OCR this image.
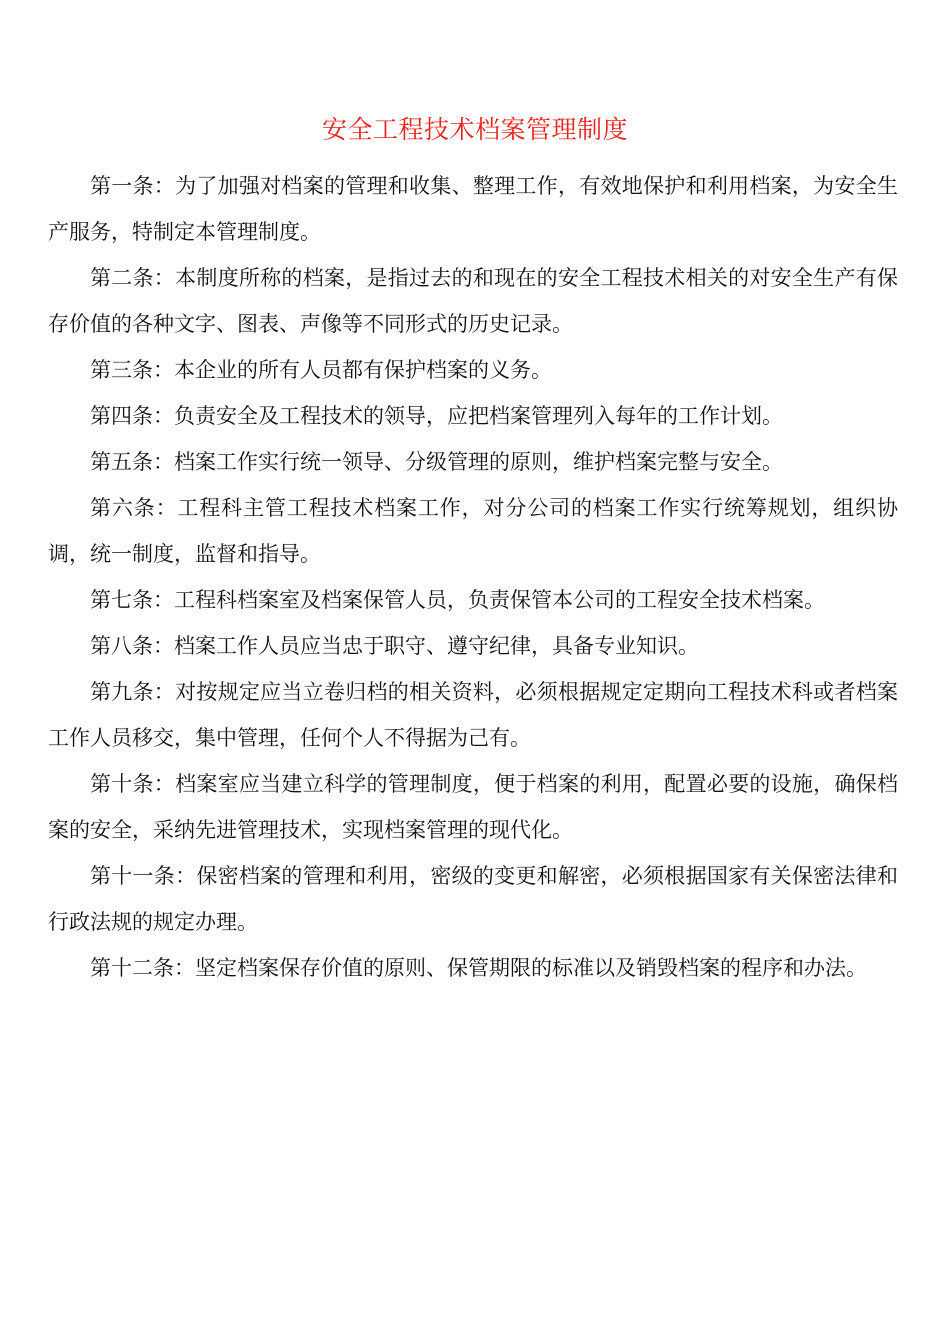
安全工程技术档案管理制度

第一条：为了加强对档案的管理和收集、整理工作，有效地保护和利用档案，为安全生产服务，特制定本管理制度。

第二条：本制度所称的档案，是指过去的和现在的安全工程技术相关的对安全生产有保存价值的各种文字、图表、声像等不同形式的历史记录。

第三条：本企业的所有人员都有保护档案的义务。

第四条：负责安全及工程技术的领导，应把档案管理列入每年的工作计划。

第五条：档案工作实行统一领导、分级管理的原则，维护档案完整与安全。

第六条：工程科主管工程技术档案工作，对分公司的档案工作实行统筹规划，组织协调，统一制度，监督和指导。

第七条：工程科档案室及档案保管人员，负责保管本公司的工程安全技术档案。

第八条：档案工作人员应当忠于职守、遵守纪律，具备专业知识。

第九条：对按规定应当立卷归档的相关资料，必须根据规定定期向工程技术科或者档案工作人员移交，集中管理，任何个人不得据为己有。

第十条：档案室应当建立科学的管理制度，便于档案的利用，配置必要的设施，确保档案的安全，采纳先进管理技术，实现档案管理的现代化。

第十一条：保密档案的管理和利用，密级的变更和解密，必须根据国家有关保密法律和行政法规的规定办理。

第十二条：坚定档案保存价值的原则、保管期限的标准以及销毁档案的程序和办法。
